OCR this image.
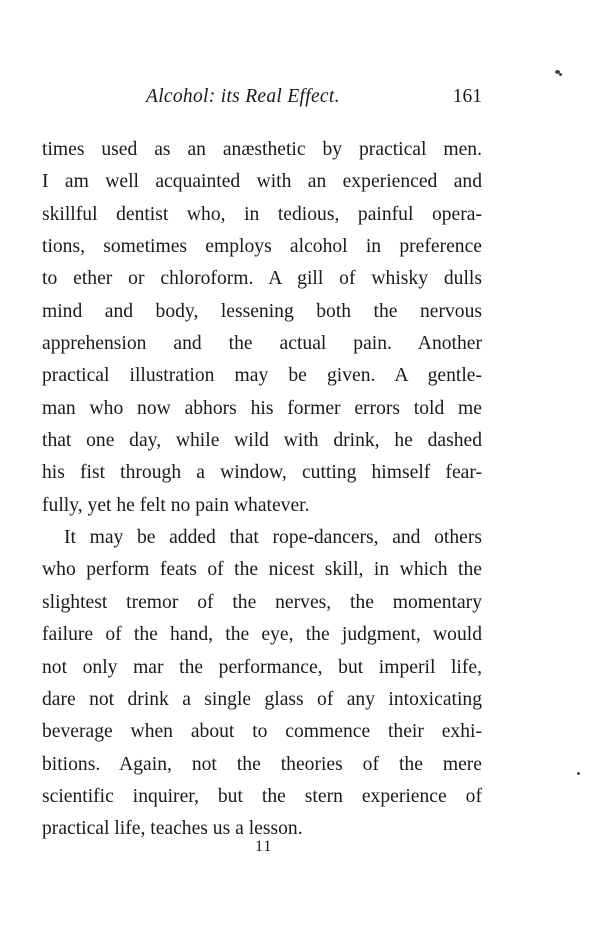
Alcohol: its Real Effect.	161
times used as an anæsthetic by practical men.
I am well acquainted with an experienced and
skillful dentist who, in tedious, painful opera-
tions, sometimes employs alcohol in preference
to ether or chloroform. A gill of whisky dulls
mind and body, lessening both the nervous
apprehension and the actual pain. Another
practical illustration may be given. A gentle-
man who now abhors his former errors told me
that one day, while wild with drink, he dashed
his fist through a window, cutting himself fear-
fully, yet he felt no pain whatever.
It may be added that rope-dancers, and others
who perform feats of the nicest skill, in which the
slightest tremor of the nerves, the momentary
failure of the hand, the eye, the judgment, would
not only mar the performance, but imperil life,
dare not drink a single glass of any intoxicating
beverage when about to commence their exhi-
bitions. Again, not the theories of the mere
scientific inquirer, but the stern experience of
practical life, teaches us a lesson.
11
